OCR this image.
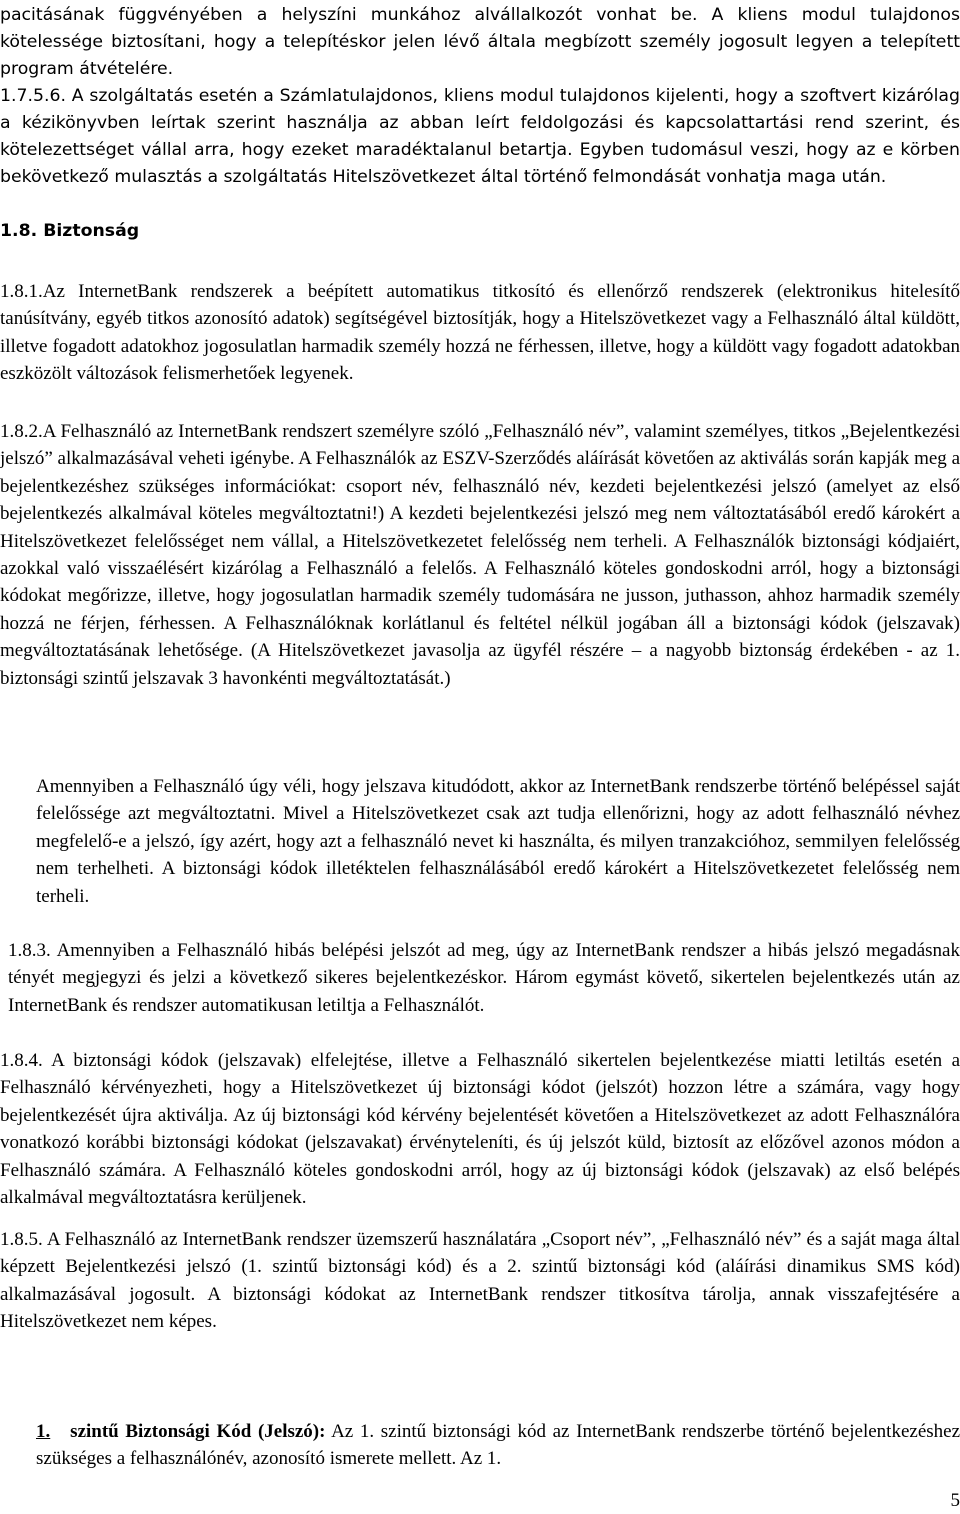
pacitásának függvényében a helyszíni munkához alvállalkozót vonhat be. A kliens modul tulajdonos kötelessége biztosítani, hogy a telepítéskor jelen lévő általa megbízott személy jogosult legyen a telepített program átvételére.

1.7.5.6. A szolgáltatás esetén a Számlatulajdonos, kliens modul tulajdonos kijelenti, hogy a szoftvert kizárólag a kézikönyvben leírtak szerint használja az abban leírt feldolgozási és kapcsolattartási rend szerint, és kötelezettséget vállal arra, hogy ezeket maradéktalanul betartja. Egyben tudomásul veszi, hogy az e körben bekövetkező mulasztás a szolgáltatás Hitelszövetkezet által történő felmondását vonhatja maga után.

1.8. Biztonság

1.8.1.Az InternetBank rendszerek a beépített automatikus titkosító és ellenőrző rendszerek (elektronikus hitelesítő tanúsítvány, egyéb titkos azonosító adatok) segítségével biztosítják, hogy a Hitelszövetkezet vagy a Felhasználó által küldött, illetve fogadott adatokhoz jogosulatlan harmadik személy hozzá ne férhessen, illetve, hogy a küldött vagy fogadott adatokban eszközölt változások felismerhetőek legyenek.

1.8.2.A Felhasználó az InternetBank rendszert személyre szóló „Felhasználó név”, valamint személyes, titkos „Bejelentkezési jelszó” alkalmazásával veheti igénybe. A Felhasználók az ESZV-Szerződés aláírását követően az aktiválás során kapják meg a bejelentkezéshez szükséges információkat: csoport név, felhasználó név, kezdeti bejelentkezési jelszó (amelyet az első bejelentkezés alkalmával köteles megváltoztatni!) A kezdeti bejelentkezési jelszó meg nem változtatásából eredő károkért a Hitelszövetkezet felelősséget nem vállal, a Hitelszövetkezetet felelősség nem terheli. A Felhasználók biztonsági kódjaiért, azokkal való visszaélésért kizárólag a Felhasználó a felelős. A Felhasználó köteles gondoskodni arról, hogy a biztonsági kódokat megőrizze, illetve, hogy jogosulatlan harmadik személy tudomására ne jusson, juthasson, ahhoz harmadik személy hozzá ne férjen, férhessen. A Felhasználóknak korlátlanul és feltétel nélkül jogában áll a biztonsági kódok (jelszavak) megváltoztatásának lehetősége. (A Hitelszövetkezet javasolja az ügyfél részére – a nagyobb biztonság érdekében - az 1. biztonsági szintű jelszavak 3 havonkénti megváltoztatását.)

Amennyiben a Felhasználó úgy véli, hogy jelszava kitudódott, akkor az InternetBank rendszerbe történő belépéssel saját felelőssége azt megváltoztatni. Mivel a Hitelszövetkezet csak azt tudja ellenőrizni, hogy az adott felhasználó névhez megfelelő-e a jelszó, így azért, hogy azt a felhasználó nevet ki használta, és milyen tranzakcióhoz, semmilyen felelősség nem terhelheti. A biztonsági kódok illetéktelen felhasználásából eredő károkért a Hitelszövetkezetet felelősség nem terheli.

1.8.3. Amennyiben a Felhasználó hibás belépési jelszót ad meg, úgy az InternetBank rendszer a hibás jelszó megadásnak tényét megjegyzi és jelzi a következő sikeres bejelentkezéskor. Három egymást követő, sikertelen bejelentkezés után az InternetBank és rendszer automatikusan letiltja a Felhasználót.

1.8.4. A biztonsági kódok (jelszavak) elfelejtése, illetve a Felhasználó sikertelen bejelentkezése miatti letiltás esetén a Felhasználó kérvényezheti, hogy a Hitelszövetkezet új biztonsági kódot (jelszót) hozzon létre a számára, vagy hogy bejelentkezését újra aktiválja. Az új biztonsági kód kérvény bejelentését követően a Hitelszövetkezet az adott Felhasználóra vonatkozó korábbi biztonsági kódokat (jelszavakat) érvényteleníti, és új jelszót küld, biztosít az előzővel azonos módon a Felhasználó számára. A Felhasználó köteles gondoskodni arról, hogy az új biztonsági kódok (jelszavak) az első belépés alkalmával megváltoztatásra kerüljenek.

1.8.5. A Felhasználó az InternetBank rendszer üzemszerű használatára „Csoport név”, „Felhasználó név” és a saját maga által képzett Bejelentkezési jelszó (1. szintű biztonsági kód) és a 2. szintű biztonsági kód (aláírási dinamikus SMS kód) alkalmazásával jogosult. A biztonsági kódokat az InternetBank rendszer titkosítva tárolja, annak visszafejtésére a Hitelszövetkezet nem képes.

1. szintű Biztonsági Kód (Jelszó): Az 1. szintű biztonsági kód az InternetBank rendszerbe történő bejelentkezéshez szükséges a felhasználónév, azonosító ismerete mellett. Az 1.

5
